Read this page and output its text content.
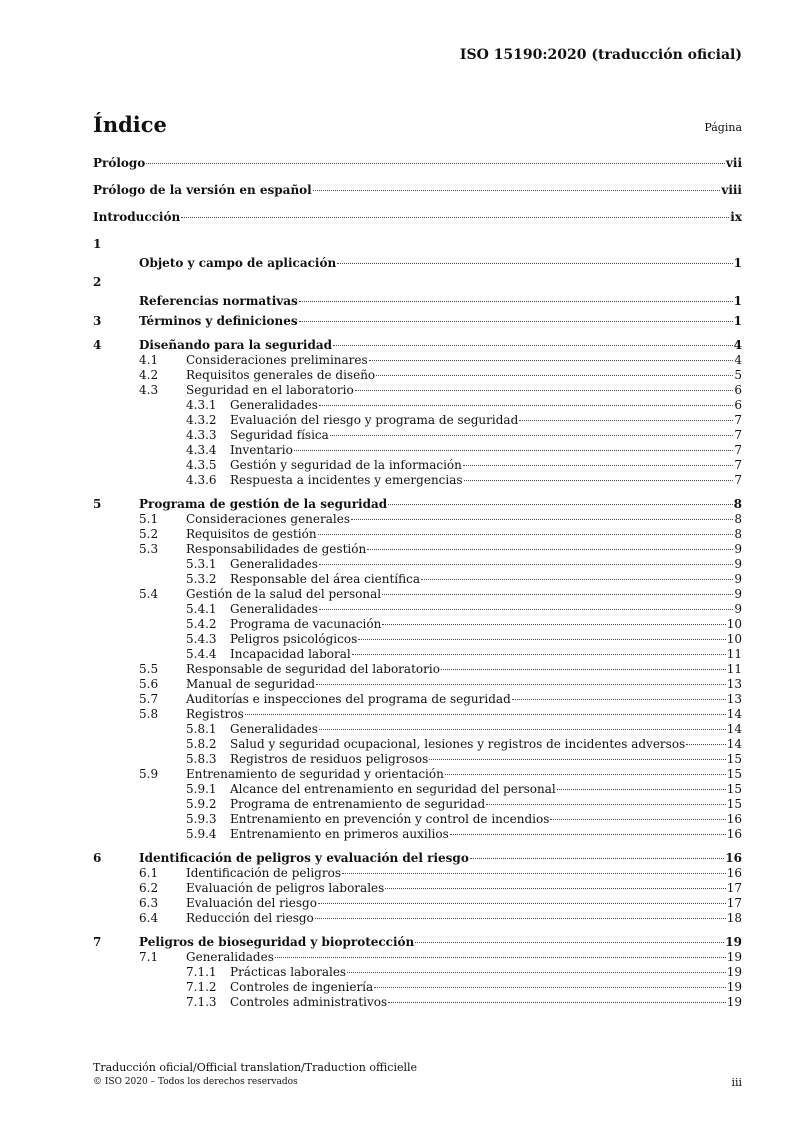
ISO 15190:2020 (traducción oficial)
Índice	Página
Prólogo	vii
Prólogo de la versión en español	viii
Introducción	ix
1
Objeto y campo de aplicación	1
2
Referencias normativas	1
3	Términos y definiciones	1
4	Diseñando para la seguridad	4
4.1 Consideraciones preliminares	4
4.2 Requisitos generales de diseño	5
4.3 Seguridad en el laboratorio	6
4.3.1 Generalidades	6
4.3.2 Evaluación del riesgo y programa de seguridad	7
4.3.3 Seguridad física	7
4.3.4 Inventario	7
4.3.5 Gestión y seguridad de la información	7
4.3.6 Respuesta a incidentes y emergencias	7
5	Programa de gestión de la seguridad	8
5.1 Consideraciones generales	8
5.2 Requisitos de gestión	8
5.3 Responsabilidades de gestión	9
5.3.1 Generalidades	9
5.3.2 Responsable del área científica	9
5.4 Gestión de la salud del personal	9
5.4.1 Generalidades	9
5.4.2 Programa de vacunación	10
5.4.3 Peligros psicológicos	10
5.4.4 Incapacidad laboral	11
5.5 Responsable de seguridad del laboratorio	11
5.6 Manual de seguridad	13
5.7 Auditorías e inspecciones del programa de seguridad	13
5.8 Registros	14
5.8.1 Generalidades	14
5.8.2 Salud y seguridad ocupacional, lesiones y registros de incidentes adversos	14
5.8.3 Registros de residuos peligrosos	15
5.9 Entrenamiento de seguridad y orientación	15
5.9.1 Alcance del entrenamiento en seguridad del personal	15
5.9.2 Programa de entrenamiento de seguridad	15
5.9.3 Entrenamiento en prevención y control de incendios	16
5.9.4 Entrenamiento en primeros auxilios	16
6	Identificación de peligros y evaluación del riesgo	16
6.1 Identificación de peligros	16
6.2 Evaluación de peligros laborales	17
6.3 Evaluación del riesgo	17
6.4 Reducción del riesgo	18
7	Peligros de bioseguridad y bioprotección	19
7.1 Generalidades	19
7.1.1 Prácticas laborales	19
7.1.2 Controles de ingeniería	19
7.1.3 Controles administrativos	19
Traducción oficial/Official translation/Traduction officielle
© ISO 2020 – Todos los derechos reservados	iii
